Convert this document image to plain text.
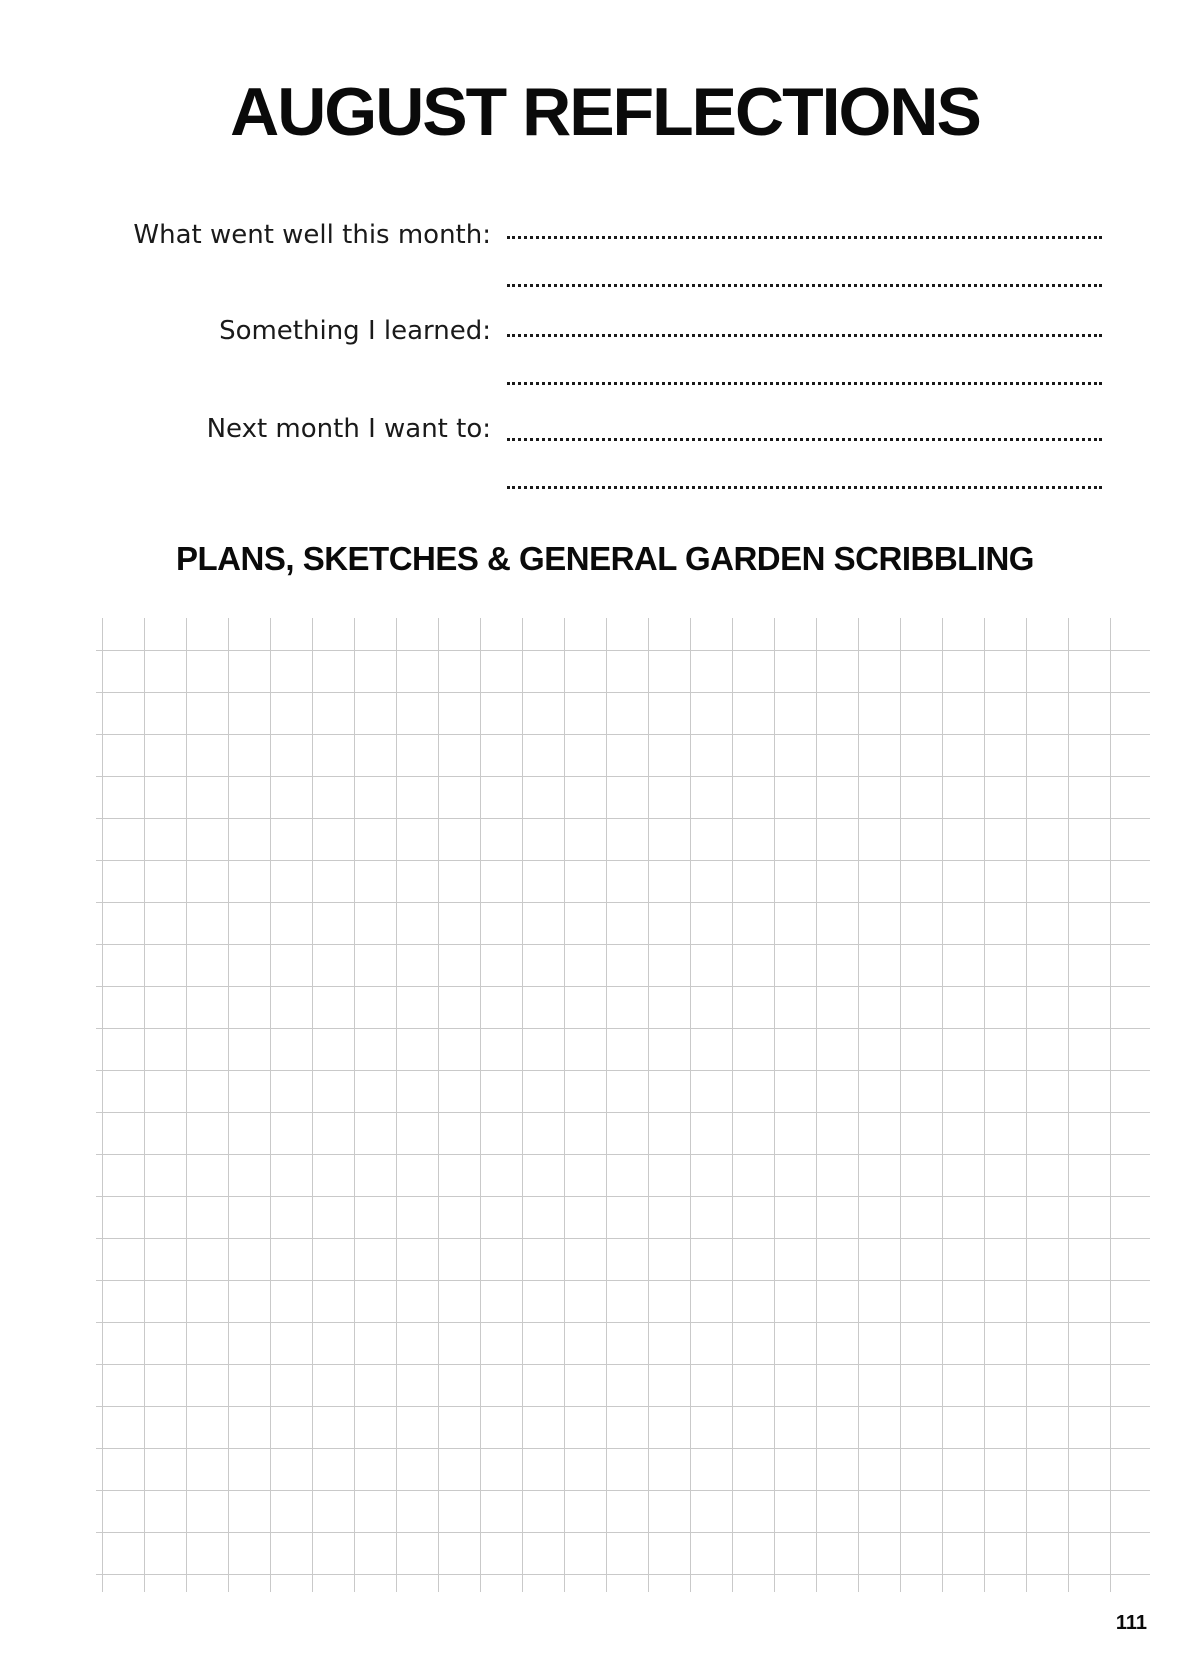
AUGUST REFLECTIONS
What went well this month:
Something I learned:
Next month I want to:
PLANS, SKETCHES & GENERAL GARDEN SCRIBBLING
111
